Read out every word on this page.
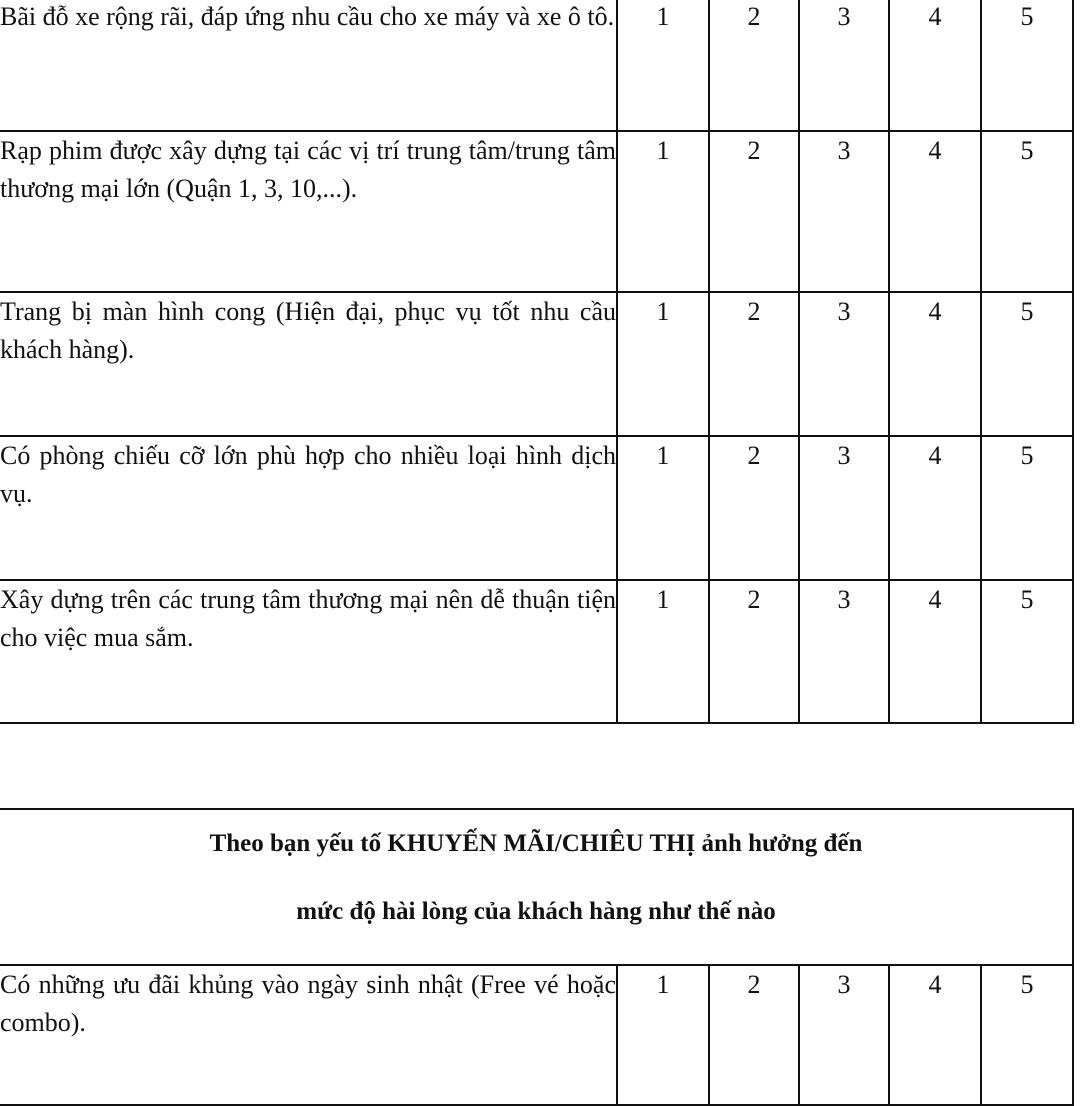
Bãi đỗ xe rộng rãi, đáp ứng nhu cầu cho xe máy và xe ô tô.	1	2	3	4	5
Rạp phim được xây dựng tại các vị trí trung tâm/trung tâm thương mại lớn (Quận 1, 3, 10,...).	1	2	3	4	5
Trang bị màn hình cong (Hiện đại, phục vụ tốt nhu cầu khách hàng).	1	2	3	4	5
Có phòng chiếu cỡ lớn phù hợp cho nhiều loại hình dịch vụ.	1	2	3	4	5
Xây dựng trên các trung tâm thương mại nên dễ thuận tiện cho việc mua sắm.	1	2	3	4	5
Theo bạn yếu tố KHUYẾN MÃI/CHIÊU THỊ ảnh hưởng đến
mức độ hài lòng của khách hàng như thế nào

Có những ưu đãi khủng vào ngày sinh nhật (Free vé hoặc combo).	1	2	3	4	5
